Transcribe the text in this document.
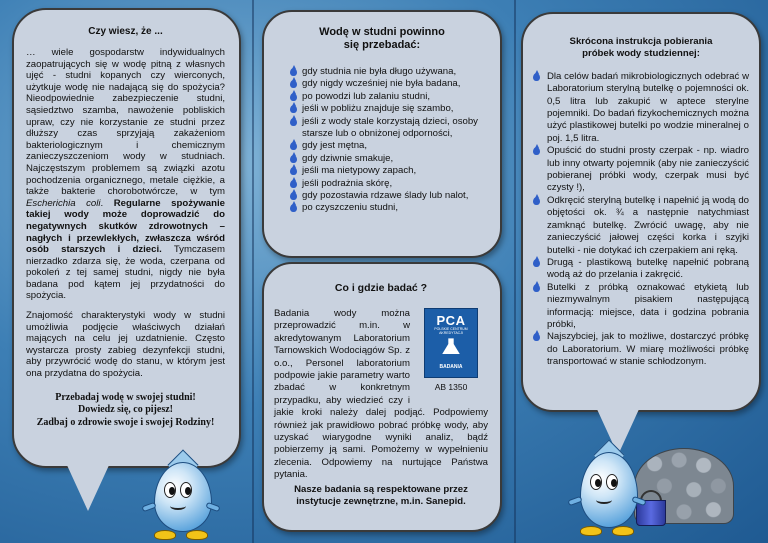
Czy wiesz, że ...

… wiele gospodarstw indywidualnych zaopatrujących się w wodę pitną z własnych ujęć - studni kopanych czy wierconych, użytkuje wodę nie nadającą się do spożycia? Nieodpowiednie zabezpieczenie studni, sąsiedztwo szamba, nawożenie pobliskich upraw, czy nie korzystanie ze studni przez dłuższy czas sprzyjają zakażeniom bakteriologicznym i chemicznym zanieczyszczeniom wody w studniach. Najczęstszym problemem są związki azotu pochodzenia organicznego, metale ciężkie, a także bakterie chorobotwórcze, w tym Escherichia coli. Regularne spożywanie takiej wody może doprowadzić do negatywnych skutków zdrowotnych – nagłych i przewlekłych, zwłaszcza wśród osób starszych i dzieci. Tymczasem nierzadko zdarza się, że woda, czerpana od pokoleń z tej samej studni, nigdy nie była badana pod kątem jej przydatności do spożycia.

Znajomość charakterystyki wody w studni umożliwia podjęcie właściwych działań mających na celu jej uzdatnienie. Często wystarcza prosty zabieg dezynfekcji studni, aby przywrócić wodę do stanu, w którym jest ona przydatna do spożycia.

Przebadaj wodę w swojej studni!
Dowiedz się, co pijesz!
Zadbaj o zdrowie swoje i swojej Rodziny!
Wodę w studni powinno
się przebadać:
gdy studnia nie była długo używana,
gdy nigdy wcześniej nie była badana,
po powodzi lub zalaniu studni,
jeśli w pobliżu znajduje się szambo,
jeśli z wody stale korzystają dzieci, osoby starsze lub o obniżonej odporności,
gdy jest mętna,
gdy dziwnie smakuje,
jeśli ma nietypowy zapach,
jeśli podrażnia skórę,
gdy pozostawia rdzawe ślady lub nalot,
po czyszczeniu studni,
Co i gdzie badać ?
PCA
POLSKIE CENTRUM AKREDYTACJI
BADANIA
AB 1350
Badania wody można przeprowadzić m.in. w akredytowanym Laboratorium Tarnowskich Wodociągów Sp. z o.o., Personel laboratorium podpowie jakie parametry warto zbadać w konkretnym przypadku, aby wiedzieć czy i jakie kroki należy dalej podjąć. Podpowiemy również jak prawidłowo pobrać próbkę wody, aby uzyskać wiarygodne wyniki analiz, bądź pobierzemy ją sami. Pomożemy w wypełnieniu zlecenia. Odpowiemy na nurtujące Państwa pytania.
Nasze badania są respektowane przez instytucje zewnętrzne, m.in. Sanepid.
Skrócona instrukcja pobierania
próbek wody studziennej:
Dla celów badań mikrobiologicznych odebrać w Laboratorium sterylną butelkę o pojemności ok. 0,5 litra lub zakupić w aptece sterylne pojemniki. Do badań fizykochemicznych można użyć plastikowej butelki po wodzie mineralnej o poj. 1,5 litra.
Opuścić do studni prosty czerpak - np. wiadro lub inny otwarty pojemnik (aby nie zanieczyścić pobieranej próbki wody, czerpak musi być czysty !),
Odkręcić sterylną butelkę i napełnić ją wodą do objętości ok. ¾ a następnie natychmiast zamknąć butelkę. Zwrócić uwagę, aby nie zanieczyścić jałowej części korka i szyjki butelki - nie dotykać ich czerpakiem ani ręką.
Drugą - plastikową butelkę napełnić pobraną wodą aż do przelania i zakręcić.
Butelki z próbką oznakować etykietą lub niezmywalnym pisakiem następującą informacją: miejsce, data i godzina pobrania próbki,
Najszybciej, jak to możliwe, dostarczyć próbkę do Laboratorium. W miarę możliwości próbkę transportować w stanie schłodzonym.
